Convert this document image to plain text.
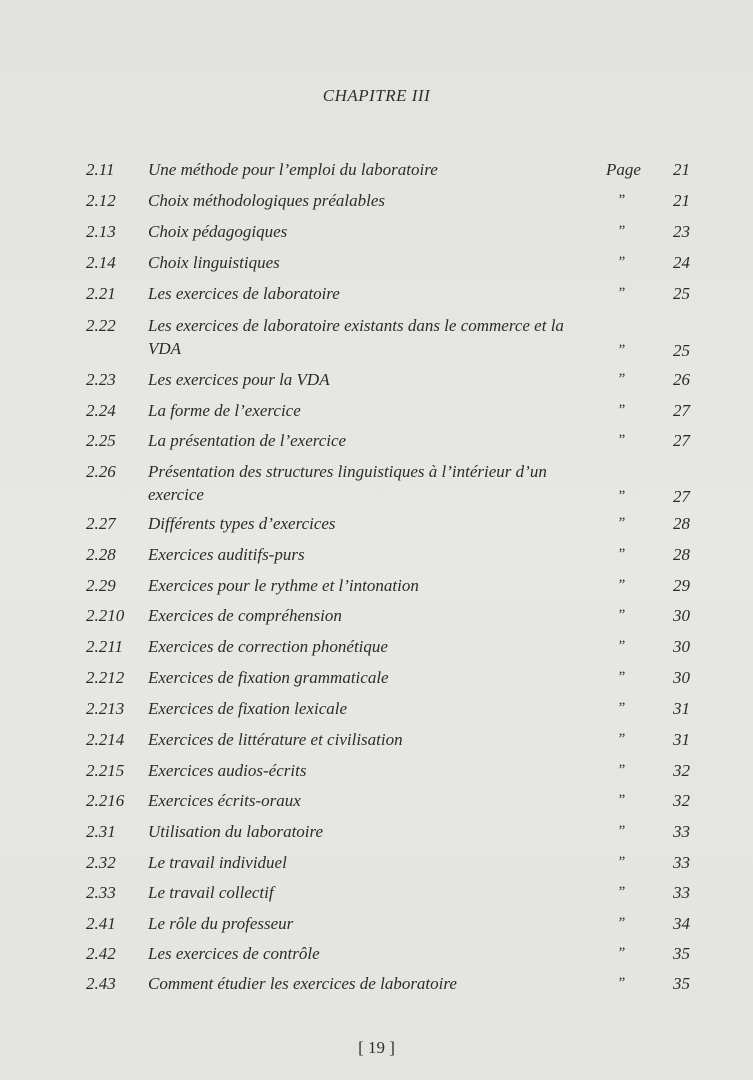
CHAPITRE III
2.11	Une méthode pour l’emploi du laboratoire	Page	21
2.12	Choix méthodologiques préalables	”	21
2.13	Choix pédagogiques	”	23
2.14	Choix linguistiques	”	24
2.21	Les exercices de laboratoire	”	25
2.22	Les exercices de laboratoire existants dans le commerce et la VDA	”	25
2.23	Les exercices pour la VDA	”	26
2.24	La forme de l’exercice	”	27
2.25	La présentation de l’exercice	”	27
2.26	Présentation des structures linguistiques à l’intérieur d’un exercice	”	27
2.27	Différents types d’exercices	”	28
2.28	Exercices auditifs-purs	”	28
2.29	Exercices pour le rythme et l’intonation	”	29
2.210	Exercices de compréhension	”	30
2.211	Exercices de correction phonétique	”	30
2.212	Exercices de fixation grammaticale	”	30
2.213	Exercices de fixation lexicale	”	31
2.214	Exercices de littérature et civilisation	”	31
2.215	Exercices audios-écrits	”	32
2.216	Exercices écrits-oraux	”	32
2.31	Utilisation du laboratoire	”	33
2.32	Le travail individuel	”	33
2.33	Le travail collectif	”	33
2.41	Le rôle du professeur	”	34
2.42	Les exercices de contrôle	”	35
2.43	Comment étudier les exercices de laboratoire	”	35
[ 19 ]
